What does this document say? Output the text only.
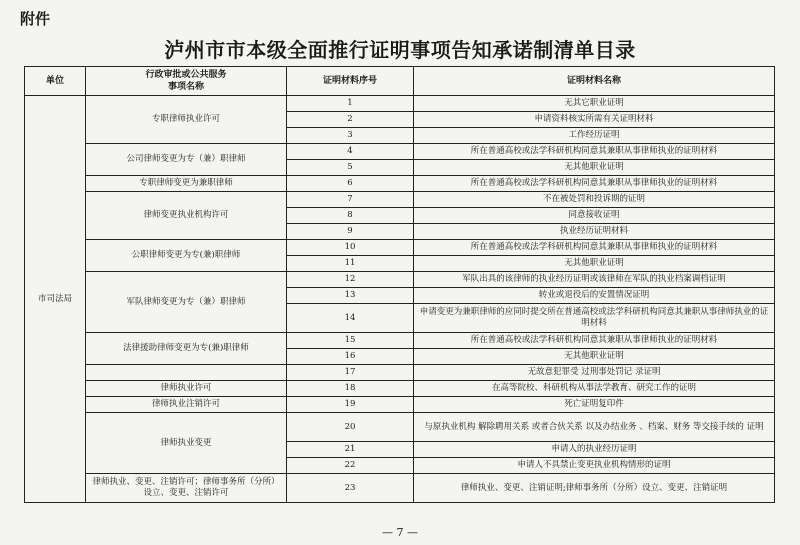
附件
泸州市市本级全面推行证明事项告知承诺制清单目录
单位	行政审批或公共服务
事项名称	证明材料序号	证明材料名称
市司法局	专职律师执业许可	1	无其它职业证明
		2	申请资料核实所需有关证明材料
		3	工作经历证明
	公司律师变更为专（兼）职律师	4	所在普通高校或法学科研机构同意其兼职从事律师执业的证明材料
		5	无其他职业证明
	专职律师变更为兼职律师	6	所在普通高校或法学科研机构同意其兼职从事律师执业的证明材料
	律师变更执业机构许可	7	不在被处罚和投诉期的证明
		8	同意接收证明
		9	执业经历证明材料
	公职律师变更为专(兼)职律师	10	所在普通高校或法学科研机构同意其兼职从事律师执业的证明材料
		11	无其他职业证明
	军队律师变更为专（兼）职律师	12	军队出具的该律师的执业经历证明或该律师在军队的执业档案调档证明
		13	转业或退役后的安置情况证明
		14	申请变更为兼职律师的应同时提交所在普通高校或法学科研机构同意其兼职从事律师执业的证明材料
	法律援助律师变更为专(兼)职律师	15	所在普通高校或法学科研机构同意其兼职从事律师执业的证明材料
		16	无其他职业证明
		17	无故意犯罪受 过刑事处罚记 录证明
	律师执业许可	18	在高等院校、科研机构从事法学教育、研究工作的证明
	律师执业注销许可	19	死亡证明复印件
	律师执业变更	20	与原执业机构 解除聘用关系 或者合伙关系 以及办结业务 、档案、财务 等交接手续的 证明
		21	申请人的执业经历证明
		22	申请人不具禁止变更执业机构情形的证明
	律师执业、变更、注销许可；律师事务所（分所）设立、变更、注销许可	23	律师执业、变更、注销证明;律师事务所（分所）设立、变更、注销证明
— 7 —
